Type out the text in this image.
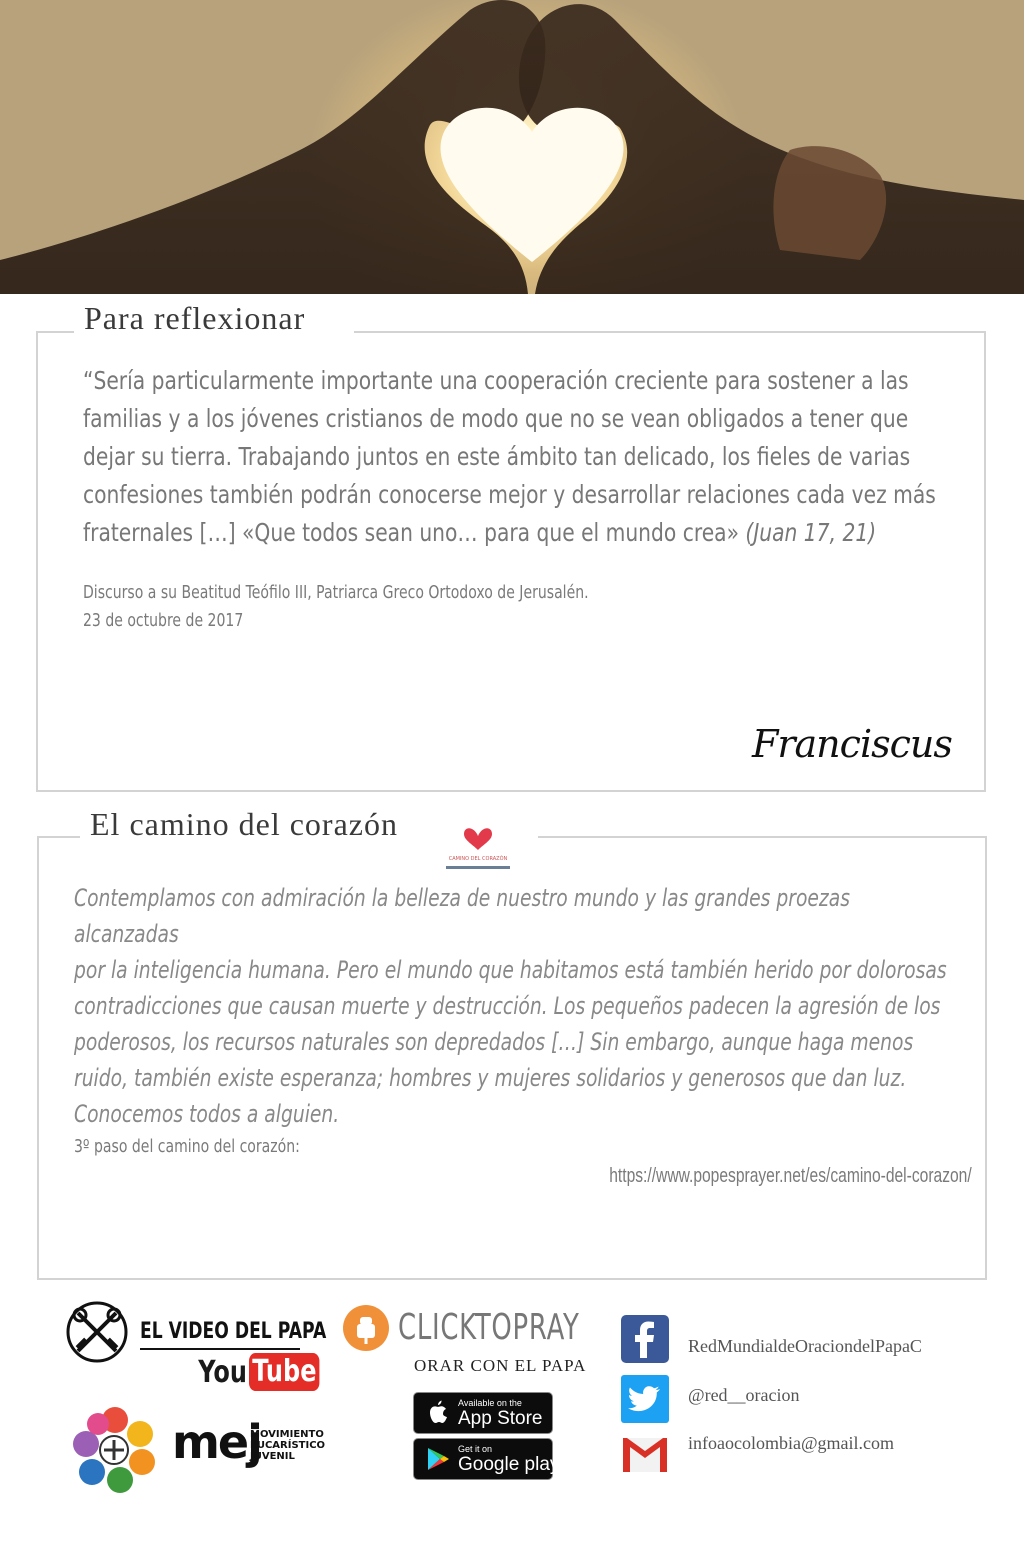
Para reflexionar
“Sería particularmente importante una cooperación creciente para sostener a las
familias y a los jóvenes cristianos de modo que no se vean obligados a tener que
dejar su tierra. Trabajando juntos en este ámbito tan delicado, los fieles de varias
confesiones también podrán conocerse mejor y desarrollar relaciones cada vez más
fraternales […] «Que todos sean uno… para que el mundo crea» (Juan 17, 21)
Discurso a su Beatitud Teófilo III, Patriarca Greco Ortodoxo de Jerusalén.
23 de octubre de 2017
Franciscus
El camino del corazón
CAMINO DEL CORAZÓN
Contemplamos con admiración la belleza de nuestro mundo y las grandes proezas alcanzadas
por la inteligencia humana. Pero el mundo que habitamos está también herido por dolorosas
contradicciones que causan muerte y destrucción. Los pequeños padecen la agresión de los
poderosos, los recursos naturales son depredados […] Sin embargo, aunque haga menos
ruido, también existe esperanza; hombres y mujeres solidarios y generosos que dan luz.
Conocemos todos a alguien.
3º paso del camino del corazón:
https://www.popesprayer.net/es/camino-del-corazon/
EL VIDEO DEL PAPA
You Tube
mej
MOVIMIENTO
EUCARÍSTICO
JUVENIL
CLICKTOPRAY
ORAR CON EL PAPA
Available on the
App Store
Get it on
Google play
RedMundialdeOraciondelPapaC
@red__oracion
infoaocolombia@gmail.com
